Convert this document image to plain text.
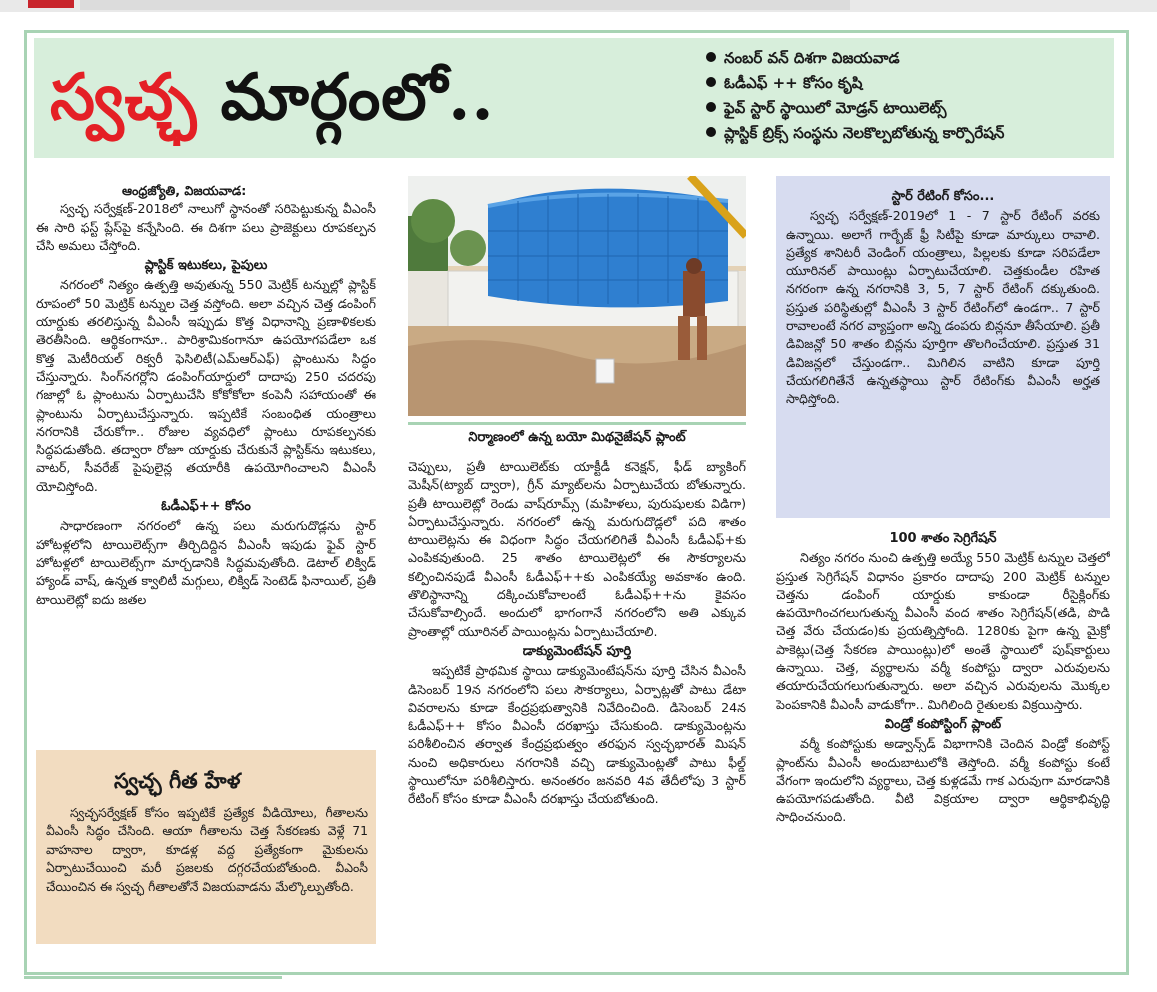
స్వచ్ఛ మార్గంలో..
నంబర్ వన్ దిశగా విజయవాడ
ఓడీఎఫ్ ++ కోసం కృషి
ఫైవ్ స్టార్ స్థాయిలో మోడ్రన్ టాయిలెట్స్
ప్లాస్టిక్ బ్రిక్స్ సంస్థను నెలకొల్పబోతున్న కార్పొరేషన్

ఆంధ్రజ్యోతి, విజయవాడ:

స్వచ్ఛ సర్వేక్షణ్-2018లో నాలుగో స్థానంతో సరిపెట్టుకున్న వీఎంసీ ఈ సారి ఫస్ట్ ప్లేస్‌పై కన్నేసింది. ఈ దిశగా పలు ప్రాజెక్టులు రూపకల్పన చేసి అమలు చేస్తోంది.

ప్లాస్టిక్ ఇటుకలు, పైపులు

నగరంలో నిత్యం ఉత్పత్తి అవుతున్న 550 మెట్రిక్ టన్నుల్లో ప్లాస్టిక్ రూపంలో 50 మెట్రిక్ టన్నుల చెత్త వస్తోంది. అలా వచ్చిన చెత్త డంపింగ్ యార్డుకు తరలిస్తున్న వీఎంసీ ఇప్పుడు కొత్త విధానాన్ని ప్రణాళికలకు తెరతీసింది. ఆర్థికంగానూ.. పారిశ్రామికంగానూ ఉపయోగపడేలా ఒక కొత్త మెటీరియల్ రిక్వరీ ఫెసిలిటీ(ఎమ్ఆర్ఎఫ్) ప్లాంటును సిద్ధం చేస్తున్నారు. సింగ్‌నగర్లోని డంపింగ్‌యార్డులో దాదాపు 250 చదరపు గజాల్లో ఓ ప్లాంటును ఏర్పాటుచేసి కోకోకోలా కంపెనీ సహాయంతో ఈ ప్లాంటును ఏర్పాటుచేస్తున్నారు. ఇప్పటికే సంబంధిత యంత్రాలు నగరానికి చేరుకోగా.. రోజుల వ్యవధిలో ప్లాంటు రూపకల్పనకు సిద్ధపడుతోంది. తద్వారా రోజూ యార్డుకు చేరుకునే ప్లాస్టిక్‌ను ఇటుకలు, వాటర్, సీవరేజ్ పైపులైన్ల తయారీకి ఉపయోగించాలని వీఎంసీ యోచిస్తోంది.

ఓడీఎఫ్++ కోసం

సాధారణంగా నగరంలో ఉన్న పలు మరుగుదొడ్లను స్టార్ హోటళ్లలోని టాయిలెట్స్‌గా తీర్చిదిద్దిన వీఎంసీ ఇపుడు ఫైవ్ స్టార్ హోటళ్లలో టాయిలెట్స్‌గా మార్చడానికి సిద్ధమవుతోంది. డెటాల్ లిక్విడ్ హ్యాండ్ వాష్, ఉన్నత క్వాలిటీ మగ్గులు, లిక్విడ్ సెంటెడ్ ఫినాయిల్, ప్రతీ టాయిలెట్లో ఐదు జతల

స్వచ్ఛ గీత హేళ

స్వచ్ఛసర్వేక్షణ్ కోసం ఇప్పటికే ప్రత్యేక వీడియోలు, గీతాలను వీఎంసీ సిద్ధం చేసింది. ఆయా గీతాలను చెత్త సేకరణకు వెళ్లే 71 వాహనాల ద్వారా, కూడళ్ల వద్ద ప్రత్యేకంగా మైకులను ఏర్పాటుచేయించి మరీ ప్రజలకు దగ్గరచేయబోతుంది. వీఎంసీ చేయించిన ఈ స్వచ్ఛ గీతాలతోనే విజయవాడను మేల్కొల్పుతోంది.

నిర్మాణంలో ఉన్న బయో మిథనైజేషన్ ప్లాంట్

చెప్పులు, ప్రతీ టాయిలెట్‌కు యాక్టీడీ కనెక్షన్, ఫీడ్ బ్యాకింగ్ మెషీన్(ట్యాబ్ ద్వారా), గ్రీన్ మ్యాట్‌లను ఏర్పాటుచేయ బోతున్నారు. ప్రతీ టాయిలెట్లో రెండు వాష్‌రూమ్స్ (మహిళలు, పురుషులకు విడిగా) ఏర్పాటుచేస్తున్నారు. నగరంలో ఉన్న మరుగుదొడ్లలో పది శాతం టాయిలెట్లను ఈ విధంగా సిద్ధం చేయగలిగితే వీఎంసీ ఓడీఎఫ్+కు ఎంపికవుతుంది. 25 శాతం టాయిలెట్లలో ఈ సౌకర్యాలను కల్పించినపుడే వీఎంసీ ఓడీఎఫ్++కు ఎంపికయ్యే అవకాశం ఉంది. తొలిస్థానాన్ని దక్కించుకోవాలంటే ఓడీఎఫ్++ను కైవసం చేసుకోవాల్సిందే. అందులో భాగంగానే నగరంలోని అతి ఎక్కువ ప్రాంతాల్లో యూరినల్ పాయింట్లను ఏర్పాటుచేయాలి.

డాక్యుమెంటేషన్ పూర్తి

ఇప్పటికే ప్రాథమిక స్థాయి డాక్యుమెంటేషన్‌ను పూర్తి చేసిన వీఎంసీ డిసెంబర్ 19న నగరంలోని పలు సౌకర్యాలు, ఏర్పాట్లతో పాటు డేటా వివరాలను కూడా కేంద్రప్రభుత్వానికి నివేదించింది. డిసెంబర్ 24న ఓడీఎఫ్++ కోసం వీఎంసీ దరఖాస్తు చేసుకుంది. డాక్యుమెంట్లను పరిశీలించిన తర్వాత కేంద్రప్రభుత్వం తరఫున స్వచ్ఛభారత్ మిషన్ నుంచి అధికారులు నగరానికి వచ్చి డాక్యుమెంట్లతో పాటు ఫీల్డ్ స్థాయిలోనూ పరిశీలిస్తారు. అనంతరం జనవరి 4వ తేదీలోపు 3 స్టార్ రేటింగ్ కోసం కూడా వీఎంసీ దరఖాస్తు చేయబోతుంది.

స్టార్ రేటింగ్ కోసం...

స్వచ్ఛ సర్వేక్షణ్-2019లో 1 - 7 స్టార్ రేటింగ్ వరకు ఉన్నాయి. అలాగే గార్బేజ్ ఫ్రీ సిటీపై కూడా మార్కులు రావాలి. ప్రత్యేక శానిటరీ వెండింగ్ యంత్రాలు, పిల్లలకు కూడా సరిపడేలా యూరినల్ పాయింట్లు ఏర్పాటుచేయాలి. చెత్తకుండీల రహిత నగరంగా ఉన్న నగరానికి 3, 5, 7 స్టార్ రేటింగ్ దక్కుతుంది. ప్రస్తుత పరిస్థితుల్లో వీఎంసీ 3 స్టార్ రేటింగ్‌లో ఉండగా.. 7 స్టార్ రావాలంటే నగర వ్యాప్తంగా అన్ని డంపరు బిన్లనూ తీసేయాలి. ప్రతీ డివిజన్లో 50 శాతం బిన్లను పూర్తిగా తొలగించేయాలి. ప్రస్తుత 31 డివిజన్లలో చేస్తుండగా.. మిగిలిన వాటిని కూడా పూర్తి చేయగలిగితేనే ఉన్నతస్థాయి స్టార్ రేటింగ్‌కు వీఎంసీ అర్హత సాధిస్తోంది.

100 శాతం సెగ్రిగేషన్

నిత్యం నగరం నుంచి ఉత్పత్తి అయ్యే 550 మెట్రిక్ టన్నుల చెత్తలో ప్రస్తుత సెగ్రిగేషన్ విధానం ప్రకారం దాదాపు 200 మెట్రిక్ టన్నుల చెత్తను డంపింగ్ యార్డుకు కాకుండా రీసైక్లింగ్‌కు ఉపయోగించగలుగుతున్న వీఎంసీ వంద శాతం సెగ్రిగేషన్(తడి, పొడి చెత్త వేరు చేయడం)కు ప్రయత్నిస్తోంది. 1280కు పైగా ఉన్న మైక్రో పాకెట్లు(చెత్త సేకరణ పాయింట్లు)లో అంతే స్థాయిలో పుష్‌కార్టులు ఉన్నాయి. చెత్త, వ్యర్థాలను వర్మీ కంపోస్టు ద్వారా ఎరువులను తయారుచేయగలుగుతున్నారు. అలా వచ్చిన ఎరువులను మొక్కల పెంపకానికి వీఎంసీ వాడుకోగా.. మిగిలింది రైతులకు విక్రయిస్తారు.

విండ్రో కంపోస్టింగ్ ప్లాంట్

వర్మీ కంపోస్టుకు అడ్వాన్స్‌డ్ విభాగానికి చెందిన విండ్రో కంపోస్ట్ ప్లాంట్‌ను వీఎంసీ అందుబాటులోకి తెస్తోంది. వర్మీ కంపోస్టు కంటే వేగంగా ఇందులోని వ్యర్థాలు, చెత్త కుళ్లడమే గాక ఎరువుగా మారడానికి ఉపయోగపడుతోంది. వీటి విక్రయాల ద్వారా ఆర్థికాభివృద్ధి సాధించనుంది.
